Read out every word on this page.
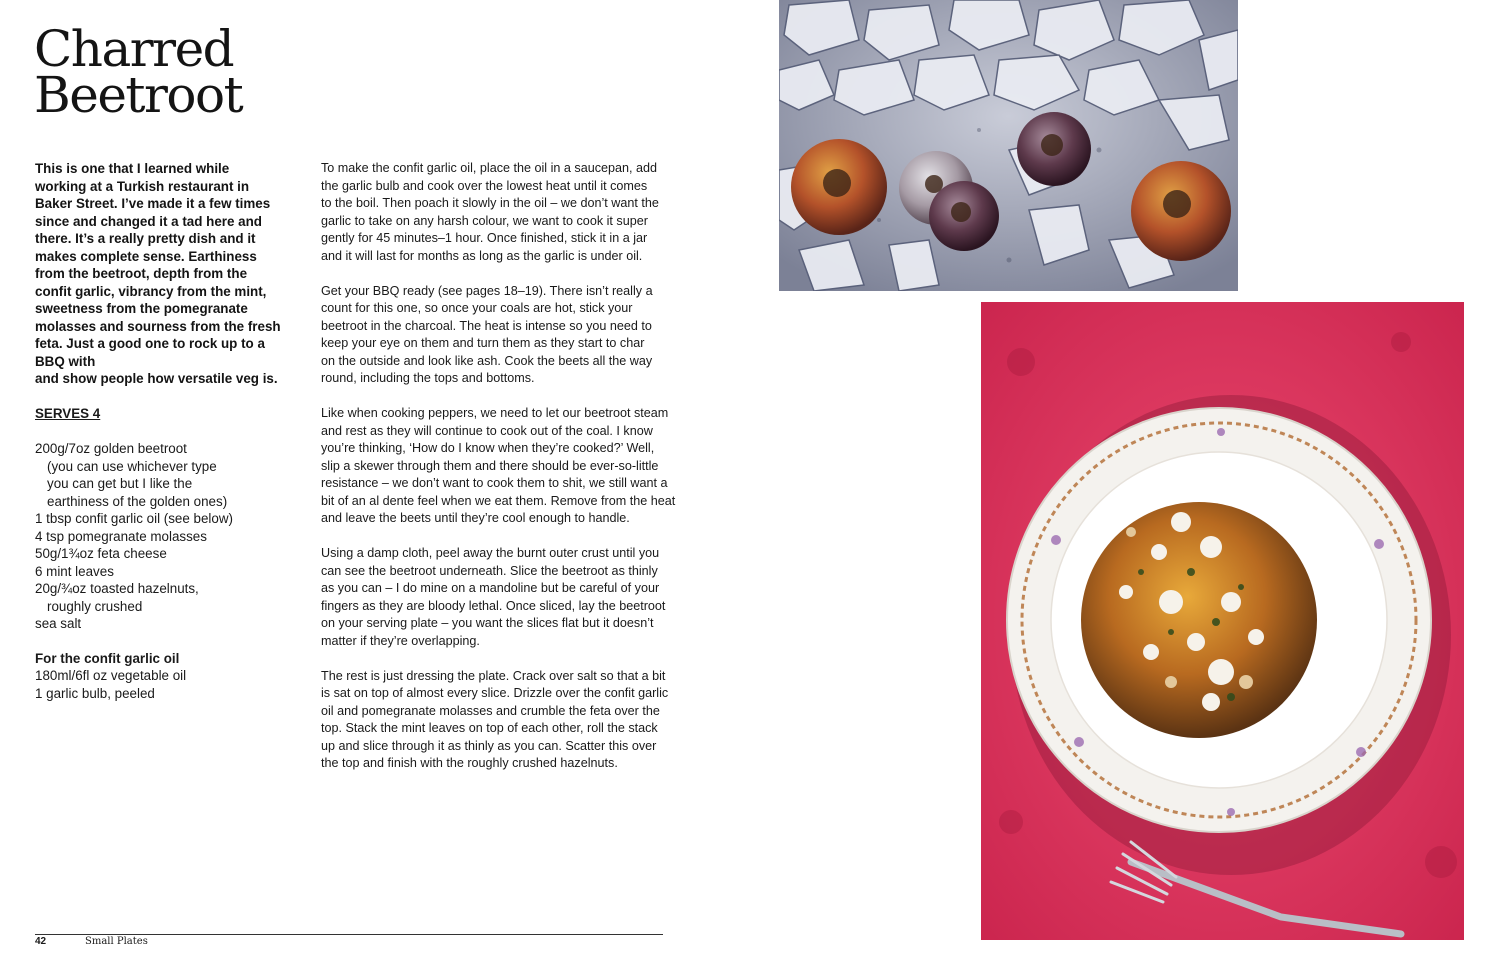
Charred
Beetroot

This is one that I learned while
working at a Turkish restaurant in
Baker Street. I’ve made it a few times
since and changed it a tad here and
there. It’s a really pretty dish and it
makes complete sense. Earthiness
from the beetroot, depth from the
confit garlic, vibrancy from the mint,
sweetness from the pomegranate
molasses and sourness from the fresh
feta. Just a good one to rock up to a
BBQ with
and show people how versatile veg is.

SERVES 4

200g/7oz golden beetroot
(you can use whichever type
you can get but I like the
earthiness of the golden ones)
1 tbsp confit garlic oil (see below)
4 tsp pomegranate molasses
50g/1¾oz feta cheese
6 mint leaves
20g/¾oz toasted hazelnuts,
roughly crushed
sea salt

For the confit garlic oil

180ml/6fl oz vegetable oil
1 garlic bulb, peeled

To make the confit garlic oil, place the oil in a saucepan, add
the garlic bulb and cook over the lowest heat until it comes
to the boil. Then poach it slowly in the oil – we don’t want the
garlic to take on any harsh colour, we want to cook it super
gently for 45 minutes–1 hour. Once finished, stick it in a jar
and it will last for months as long as the garlic is under oil.

Get your BBQ ready (see pages 18–19). There isn’t really a
count for this one, so once your coals are hot, stick your
beetroot in the charcoal. The heat is intense so you need to
keep your eye on them and turn them as they start to char
on the outside and look like ash. Cook the beets all the way
round, including the tops and bottoms.

Like when cooking peppers, we need to let our beetroot steam
and rest as they will continue to cook out of the coal. I know
you’re thinking, ‘How do I know when they’re cooked?’ Well,
slip a skewer through them and there should be ever-so-little
resistance – we don’t want to cook them to shit, we still want a
bit of an al dente feel when we eat them. Remove from the heat
and leave the beets until they’re cool enough to handle.

Using a damp cloth, peel away the burnt outer crust until you
can see the beetroot underneath. Slice the beetroot as thinly
as you can – I do mine on a mandoline but be careful of your
fingers as they are bloody lethal. Once sliced, lay the beetroot
on your serving plate – you want the slices flat but it doesn’t
matter if they’re overlapping.

The rest is just dressing the plate. Crack over salt so that a bit
is sat on top of almost every slice. Drizzle over the confit garlic
oil and pomegranate molasses and crumble the feta over the
top. Stack the mint leaves on top of each other, roll the stack
up and slice through it as thinly as you can. Scatter this over
the top and finish with the roughly crushed hazelnuts.

42	Small Plates
